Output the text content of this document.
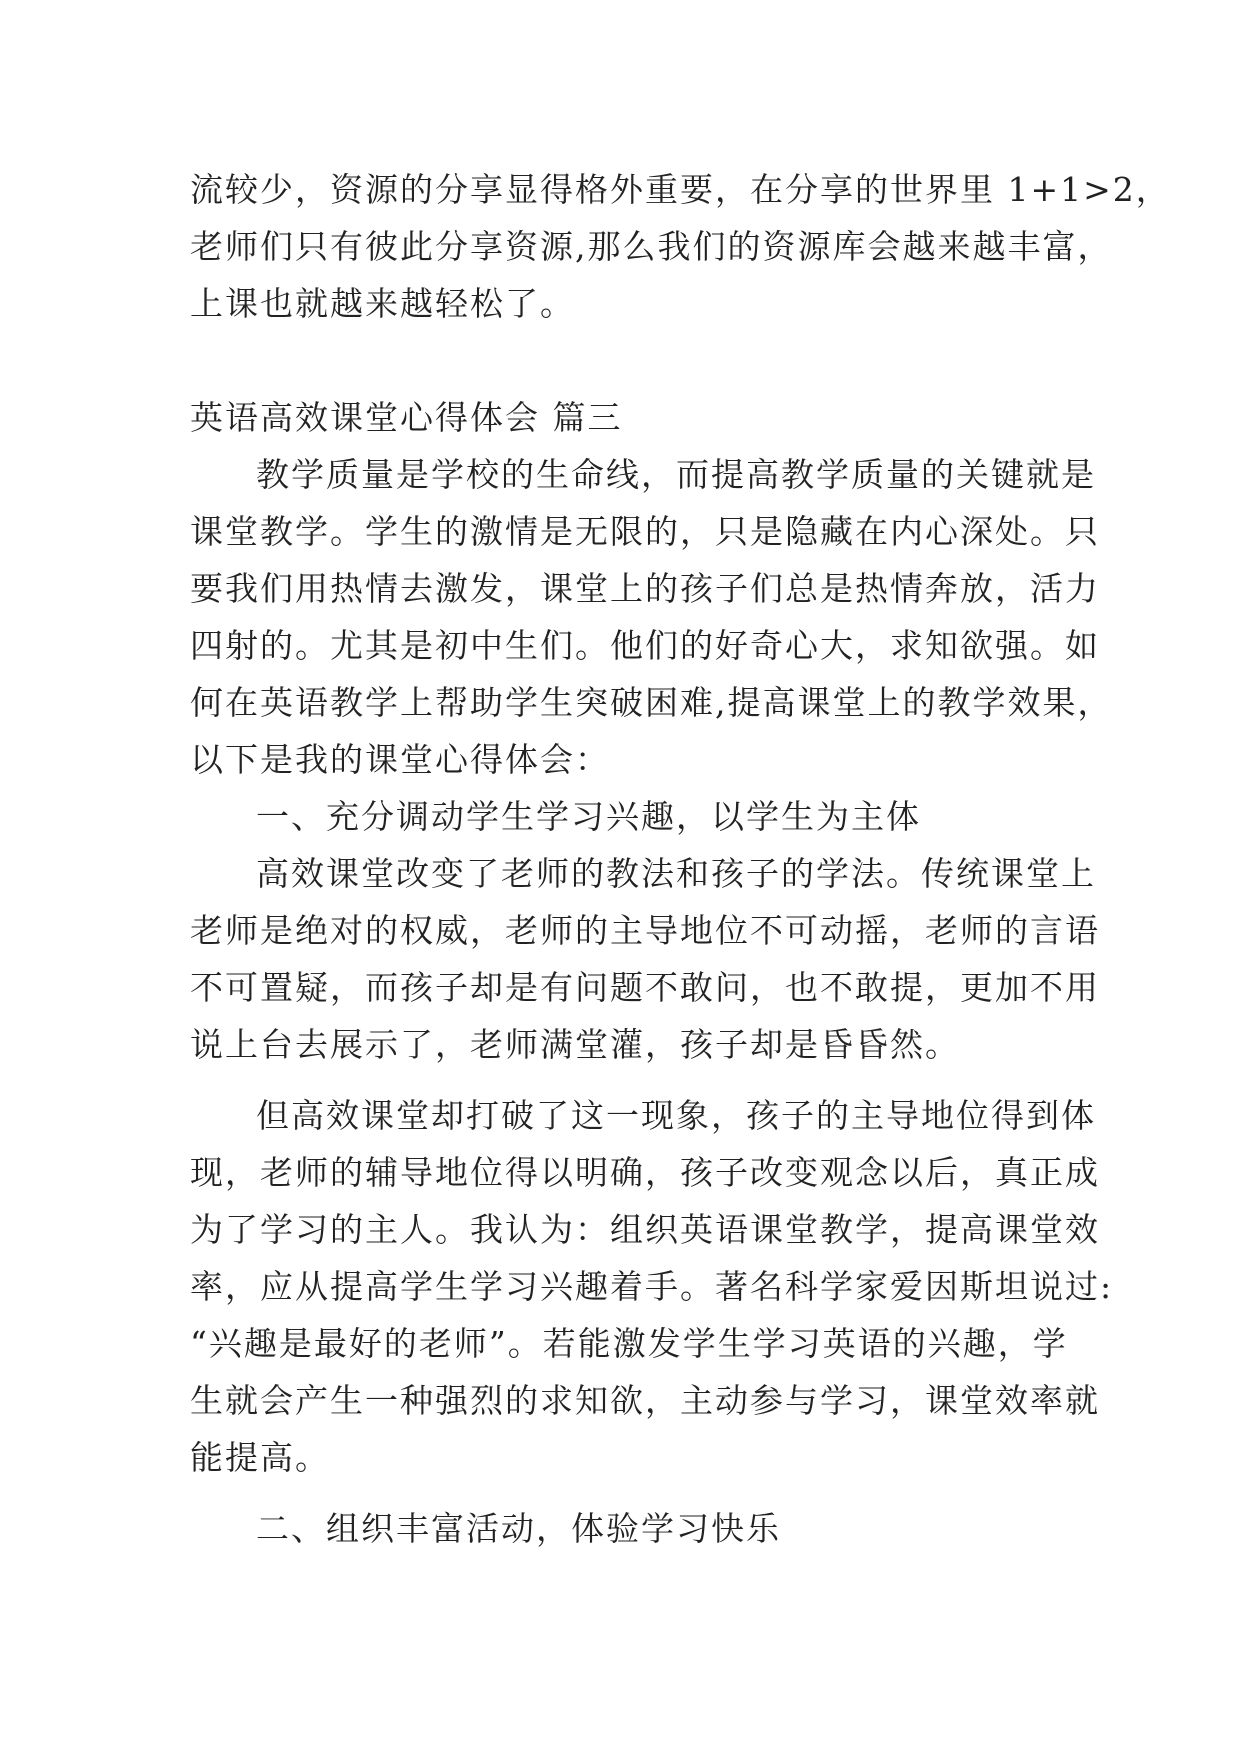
流较少，资源的分享显得格外重要，在分享的世界里 1+1>2，
老师们只有彼此分享资源,那么我们的资源库会越来越丰富，
上课也就越来越轻松了。
英语高效课堂心得体会 篇三
教学质量是学校的生命线，而提高教学质量的关键就是
课堂教学。学生的激情是无限的，只是隐藏在内心深处。只
要我们用热情去激发，课堂上的孩子们总是热情奔放，活力
四射的。尤其是初中生们。他们的好奇心大，求知欲强。如
何在英语教学上帮助学生突破困难,提高课堂上的教学效果，
以下是我的课堂心得体会：
一、充分调动学生学习兴趣，以学生为主体
高效课堂改变了老师的教法和孩子的学法。传统课堂上
老师是绝对的权威，老师的主导地位不可动摇，老师的言语
不可置疑，而孩子却是有问题不敢问，也不敢提，更加不用
说上台去展示了，老师满堂灌，孩子却是昏昏然。
但高效课堂却打破了这一现象，孩子的主导地位得到体
现，老师的辅导地位得以明确，孩子改变观念以后，真正成
为了学习的主人。我认为：组织英语课堂教学，提高课堂效
率，应从提高学生学习兴趣着手。著名科学家爱因斯坦说过:
“兴趣是最好的老师”。若能激发学生学习英语的兴趣，学
生就会产生一种强烈的求知欲，主动参与学习，课堂效率就
能提高。
二、组织丰富活动，体验学习快乐
